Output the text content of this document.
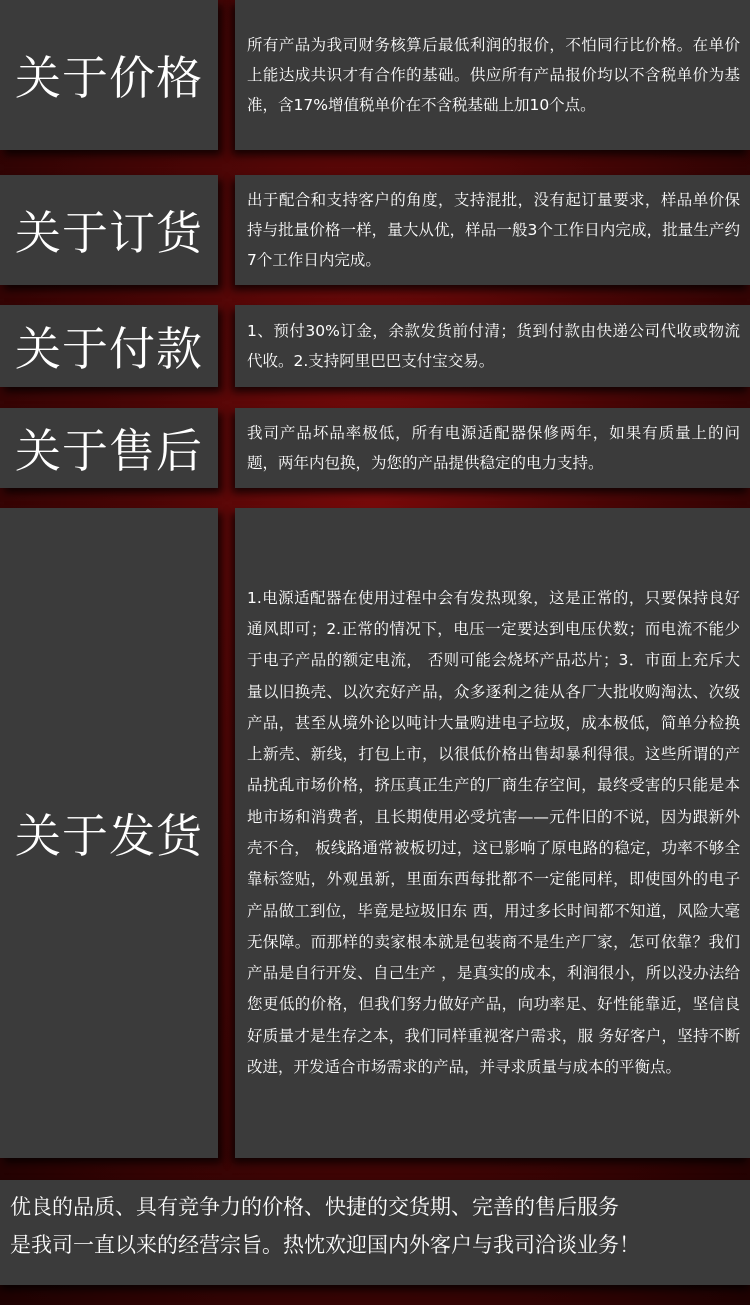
关于价格
所有产品为我司财务核算后最低利润的报价，不怕同行比价格。在单价上能达成共识才有合作的基础。供应所有产品报价均以不含税单价为基准，含17%增值税单价在不含税基础上加10个点。
关于订货
出于配合和支持客户的角度，支持混批，没有起订量要求，样品单价保持与批量价格一样，量大从优，样品一般3个工作日内完成，批量生产约7个工作日内完成。
关于付款	1、预付30%订金，余款发货前付清；货到付款由快递公司代收或物流代收。2.支持阿里巴巴支付宝交易。
关于售后	我司产品坏品率极低，所有电源适配器保修两年，如果有质量上的问题，两年内包换，为您的产品提供稳定的电力支持。
关于发货
1.电源适配器在使用过程中会有发热现象，这是正常的，只要保持良好通风即可；2.正常的情况下，电压一定要达到电压伏数；而电流不能少于电子产品的额定电流， 否则可能会烧坏产品芯片；3．市面上充斥大量以旧换壳、以次充好产品，众多逐利之徒从各厂大批收购淘汰、次级产品，甚至从境外论以吨计大量购进电子垃圾，成本极低，简单分检换上新壳、新线，打包上市，以很低价格出售却暴利得很。这些所谓的产品扰乱市场价格，挤压真正生产的厂商生存空间，最终受害的只能是本地市场和消费者，且长期使用必受坑害——元件旧的不说，因为跟新外壳不合， 板线路通常被板切过，这已影响了原电路的稳定，功率不够全靠标签贴，外观虽新，里面东西每批都不一定能同样，即使国外的电子产品做工到位，毕竟是垃圾旧东 西，用过多长时间都不知道，风险大毫无保障。而那样的卖家根本就是包装商不是生产厂家，怎可依靠？我们产品是自行开发、自己生产 ，是真实的成本，利润很小，所以没办法给您更低的价格，但我们努力做好产品，向功率足、好性能靠近，坚信良好质量才是生存之本，我们同样重视客户需求，服 务好客户，坚持不断改进，开发适合市场需求的产品，并寻求质量与成本的平衡点。
优良的品质、具有竞争力的价格、快捷的交货期、完善的售后服务
是我司一直以来的经营宗旨。热忱欢迎国内外客户与我司洽谈业务！
